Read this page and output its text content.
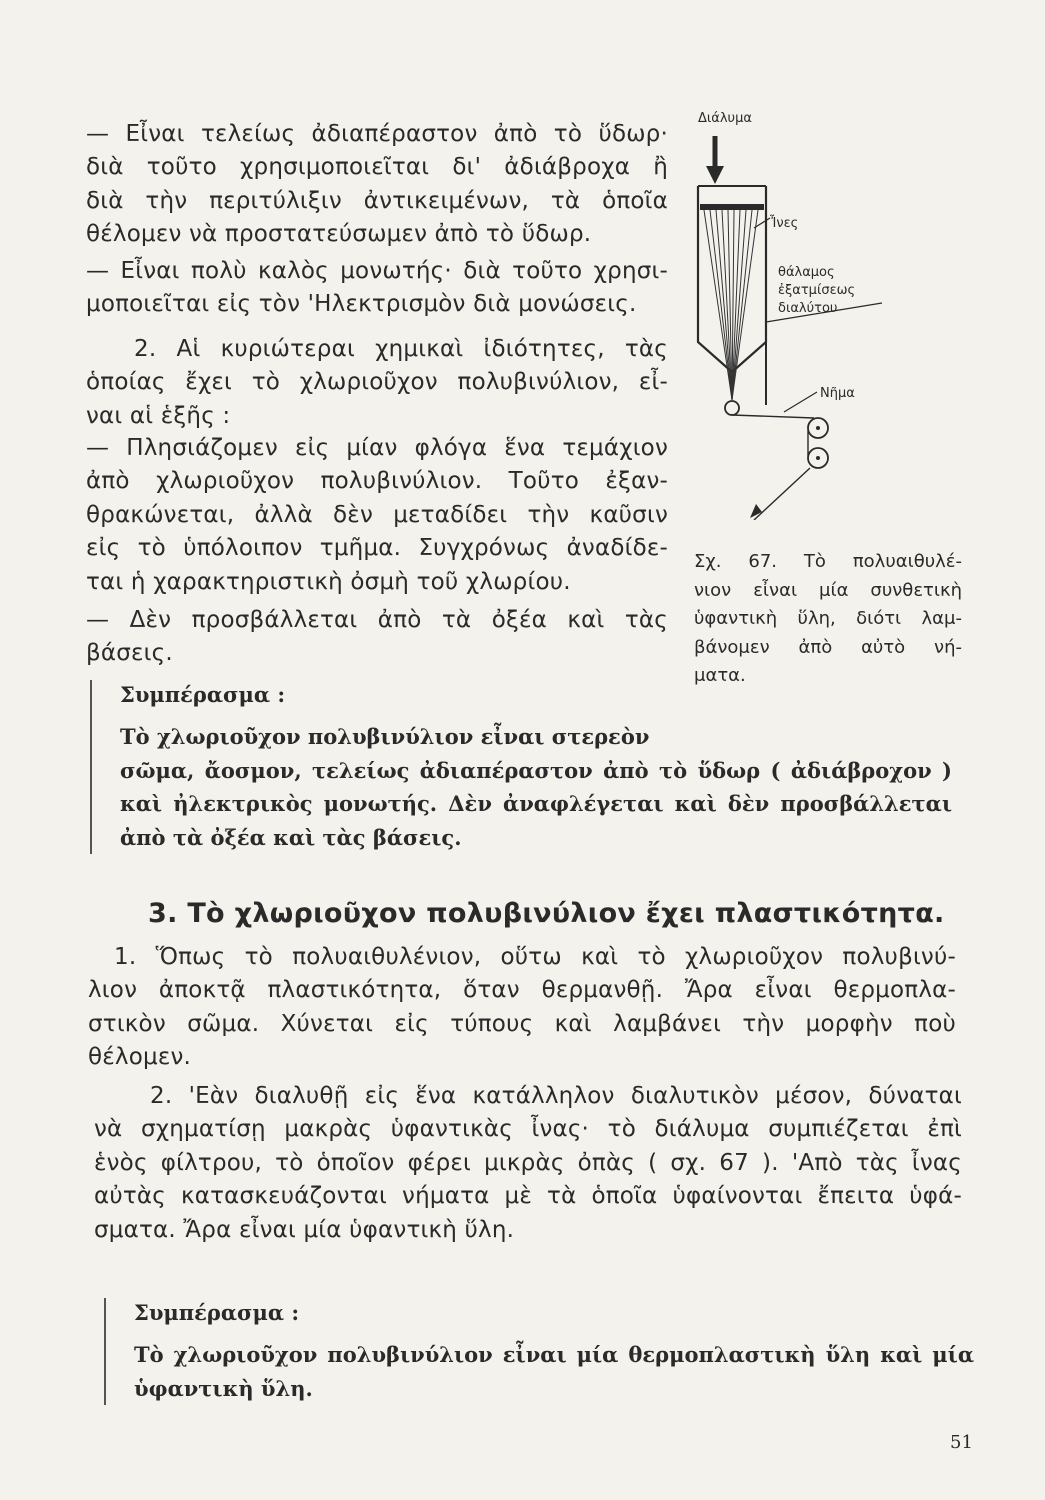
— Εἶναι τελείως ἀδιαπέραστον ἀπὸ τὸ ὕδωρ·
διὰ τοῦτο χρησιμοποιεῖται δι' ἀδιάβροχα ἢ
διὰ τὴν περιτύλιξιν ἀντικειμένων, τὰ ὁποῖα
θέλομεν νὰ προστατεύσωμεν ἀπὸ τὸ ὕδωρ.
— Εἶναι πολὺ καλὸς μονωτής· διὰ τοῦτο χρησι-
μοποιεῖται εἰς τὸν 'Ηλεκτρισμὸν διὰ μονώσεις.
2. Αἱ κυριώτεραι χημικαὶ ἰδιότητες, τὰς
ὁποίας ἔχει τὸ χλωριοῦχον πολυβινύλιον, εἶ-
ναι αἱ ἑξῆς :
— Πλησιάζομεν εἰς μίαν φλόγα ἕνα τεμάχιον
ἀπὸ χλωριοῦχον πολυβινύλιον. Τοῦτο ἐξαν-
θρακώνεται, ἀλλὰ δὲν μεταδίδει τὴν καῦσιν
εἰς τὸ ὑπόλοιπον τμῆμα. Συγχρόνως ἀναδίδε-
ται ἡ χαρακτηριστικὴ ὀσμὴ τοῦ χλωρίου.
— Δὲν προσβάλλεται ἀπὸ τὰ ὀξέα καὶ τὰς βάσεις.
Διάλυμα
Ἶνες
θάλαμος
ἐξατμίσεως
διαλύτου
Νῆμα
Σχ. 67. Τὸ πολυαιθυλέ-
νιον εἶναι μία συνθετικὴ
ὑφαντικὴ ὕλη, διότι λαμ-
βάνομεν ἀπὸ αὐτὸ νή-
ματα.
Συμπέρασμα :
Τὸ χλωριοῦχον πολυβινύλιον εἶναι στερεὸν
σῶμα, ἄοσμον, τελείως ἀδιαπέραστον ἀπὸ τὸ ὕδωρ ( ἀδιάβροχον )
καὶ ἠλεκτρικὸς μονωτής. Δὲν ἀναφλέγεται καὶ δὲν προσβάλλεται
ἀπὸ τὰ ὀξέα καὶ τὰς βάσεις.
3. Τὸ χλωριοῦχον πολυβινύλιον ἔχει πλαστικότητα.
1. Ὅπως τὸ πολυαιθυλένιον, οὕτω καὶ τὸ χλωριοῦχον πολυβινύ-
λιον ἀποκτᾷ πλαστικότητα, ὅταν θερμανθῇ. Ἄρα εἶναι θερμοπλα-
στικὸν σῶμα. Χύνεται εἰς τύπους καὶ λαμβάνει τὴν μορφὴν ποὺ
θέλομεν.
2. 'Εὰν διαλυθῇ εἰς ἕνα κατάλληλον διαλυτικὸν μέσον, δύναται
νὰ σχηματίσῃ μακρὰς ὑφαντικὰς ἶνας· τὸ διάλυμα συμπιέζεται ἐπὶ
ἑνὸς φίλτρου, τὸ ὁποῖον φέρει μικρὰς ὀπὰς ( σχ. 67 ). 'Απὸ τὰς ἶνας
αὐτὰς κατασκευάζονται νήματα μὲ τὰ ὁποῖα ὑφαίνονται ἔπειτα ὑφά-
σματα. Ἄρα εἶναι μία ὑφαντικὴ ὕλη.
Συμπέρασμα :
Τὸ χλωριοῦχον πολυβινύλιον εἶναι μία θερμοπλαστικὴ ὕλη καὶ μία
ὑφαντικὴ ὕλη.
51
